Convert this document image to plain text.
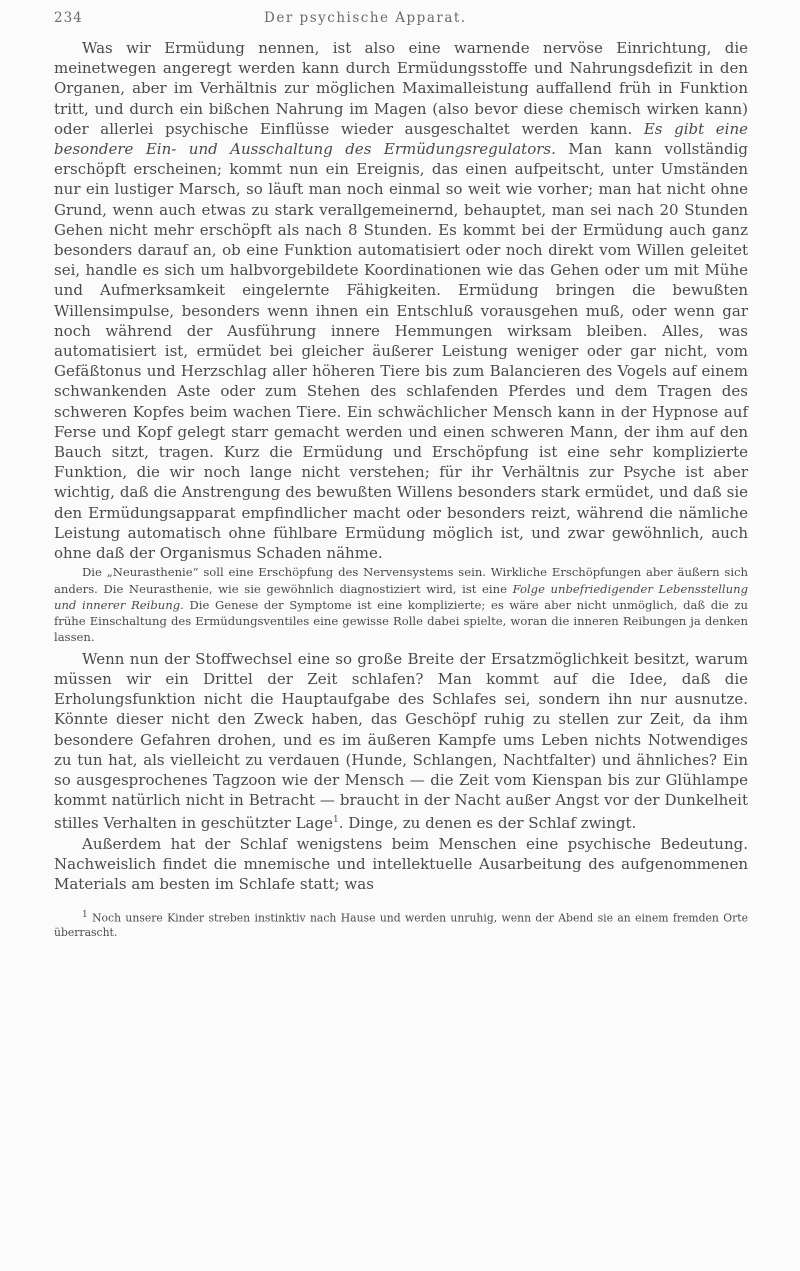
234	Der psychische Apparat.

Was wir Ermüdung nennen, ist also eine warnende nervöse Einrichtung, die meinetwegen angeregt werden kann durch Ermüdungsstoffe und Nahrungsdefizit in den Organen, aber im Verhältnis zur möglichen Maximalleistung auffallend früh in Funktion tritt, und durch ein bißchen Nahrung im Magen (also bevor diese chemisch wirken kann) oder allerlei psychische Einflüsse wieder ausgeschaltet werden kann. Es gibt eine besondere Ein- und Ausschaltung des Ermüdungsregulators. Man kann vollständig erschöpft erscheinen; kommt nun ein Ereignis, das einen aufpeitscht, unter Umständen nur ein lustiger Marsch, so läuft man noch einmal so weit wie vorher; man hat nicht ohne Grund, wenn auch etwas zu stark verallgemeinernd, behauptet, man sei nach 20 Stunden Gehen nicht mehr erschöpft als nach 8 Stunden. Es kommt bei der Ermüdung auch ganz besonders darauf an, ob eine Funktion automatisiert oder noch direkt vom Willen geleitet sei, handle es sich um halbvorgebildete Koordinationen wie das Gehen oder um mit Mühe und Aufmerksamkeit eingelernte Fähigkeiten. Ermüdung bringen die bewußten Willensimpulse, besonders wenn ihnen ein Entschluß vorausgehen muß, oder wenn gar noch während der Ausführung innere Hemmungen wirksam bleiben. Alles, was automatisiert ist, ermüdet bei gleicher äußerer Leistung weniger oder gar nicht, vom Gefäßtonus und Herzschlag aller höheren Tiere bis zum Balancieren des Vogels auf einem schwankenden Aste oder zum Stehen des schlafenden Pferdes und dem Tragen des schweren Kopfes beim wachen Tiere. Ein schwächlicher Mensch kann in der Hypnose auf Ferse und Kopf gelegt starr gemacht werden und einen schweren Mann, der ihm auf den Bauch sitzt, tragen. Kurz die Ermüdung und Erschöpfung ist eine sehr komplizierte Funktion, die wir noch lange nicht verstehen; für ihr Verhältnis zur Psyche ist aber wichtig, daß die Anstrengung des bewußten Willens besonders stark ermüdet, und daß sie den Ermüdungsapparat empfindlicher macht oder besonders reizt, während die nämliche Leistung automatisch ohne fühlbare Ermüdung möglich ist, und zwar gewöhnlich, auch ohne daß der Organismus Schaden nähme.

Die „Neurasthenie“ soll eine Erschöpfung des Nervensystems sein. Wirkliche Erschöpfungen aber äußern sich anders. Die Neurasthenie, wie sie gewöhnlich diagnostiziert wird, ist eine Folge unbefriedigender Lebensstellung und innerer Reibung. Die Genese der Symptome ist eine komplizierte; es wäre aber nicht unmöglich, daß die zu frühe Einschaltung des Ermüdungsventiles eine gewisse Rolle dabei spielte, woran die inneren Reibungen ja denken lassen.

Wenn nun der Stoffwechsel eine so große Breite der Ersatzmöglichkeit besitzt, warum müssen wir ein Drittel der Zeit schlafen? Man kommt auf die Idee, daß die Erholungsfunktion nicht die Hauptaufgabe des Schlafes sei, sondern ihn nur ausnutze. Könnte dieser nicht den Zweck haben, das Geschöpf ruhig zu stellen zur Zeit, da ihm besondere Gefahren drohen, und es im äußeren Kampfe ums Leben nichts Notwendiges zu tun hat, als vielleicht zu verdauen (Hunde, Schlangen, Nachtfalter) und ähnliches? Ein so ausgesprochenes Tagzoon wie der Mensch — die Zeit vom Kienspan bis zur Glühlampe kommt natürlich nicht in Betracht — braucht in der Nacht außer Angst vor der Dunkelheit stilles Verhalten in geschützter Lage$^1$. Dinge, zu denen es der Schlaf zwingt.

Außerdem hat der Schlaf wenigstens beim Menschen eine psychische Bedeutung. Nachweislich findet die mnemische und intellektuelle Ausarbeitung des aufgenommenen Materials am besten im Schlafe statt; was

$^1$ Noch unsere Kinder streben instinktiv nach Hause und werden unruhig, wenn der Abend sie an einem fremden Orte überrascht.
